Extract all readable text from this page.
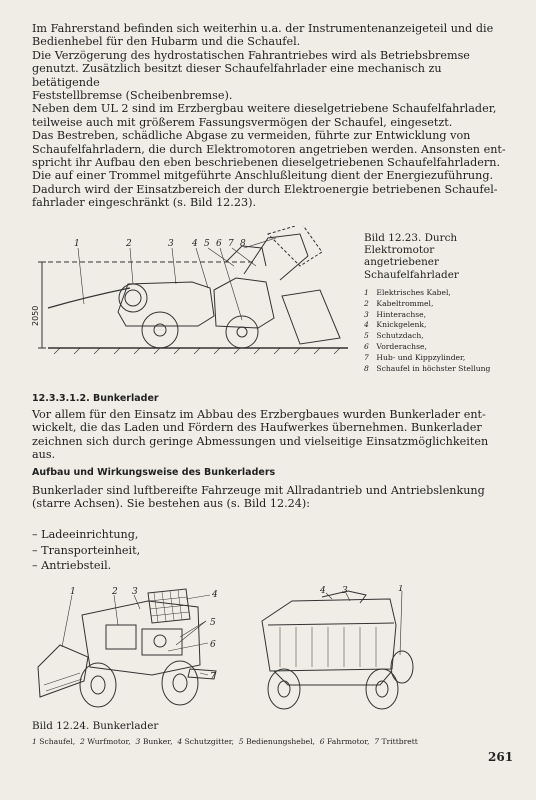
Im Fahrerstand befinden sich weiterhin u.a. der Instrumentenanzeigeteil und die

Bedienhebel für den Hubarm und die Schaufel.

Die Verzögerung des hydrostatischen Fahrantriebes wird als Betriebsbremse

genutzt. Zusätzlich besitzt dieser Schaufelfahrlader eine mechanisch zu betätigende

Feststellbremse (Scheibenbremse).

Neben dem UL 2 sind im Erzbergbau weitere dieselgetriebene Schaufelfahrlader,

teilweise auch mit größerem Fassungsvermögen der Schaufel, eingesetzt.

Das Bestreben, schädliche Abgase zu vermeiden, führte zur Entwicklung von

Schaufelfahrladern, die durch Elektromotoren angetrieben werden. Ansonsten ent-

spricht ihr Aufbau den eben beschriebenen dieselgetriebenen Schaufelfahrladern.

Die auf einer Trommel mitgeführte Anschlußleitung dient der Energiezuführung.

Dadurch wird der Einsatzbereich der durch Elektroenergie betriebenen Schaufel-

fahrlader eingeschränkt (s. Bild 12.23).

1	2	3 4 5 6 7 8
2050
Bild 12.23. Durch
Elektromotor
angetriebener
Schaufelfahrlader
1 Elektrisches Kabel,
2 Kabeltrommel,
3 Hinterachse,
4 Knickgelenk,
5 Schutzdach,
6 Vorderachse,
7 Hub- und Kippzylinder,
8 Schaufel in höchster Stellung
12.3.3.1.2. Bunkerlader

Vor allem für den Einsatz im Abbau des Erzbergbaues wurden Bunkerlader ent-

wickelt, die das Laden und Fördern des Haufwerkes übernehmen. Bunkerlader

zeichnen sich durch geringe Abmessungen und vielseitige Einsatzmöglichkeiten aus.

Aufbau und Wirkungsweise des Bunkerladers

Bunkerlader sind luftbereifte Fahrzeuge mit Allradantrieb und Antriebslenkung

(starre Achsen). Sie bestehen aus (s. Bild 12.24):

– Ladeeinrichtung,
– Transporteinheit,
– Antriebsteil.
1	2 3	4
5
6
7
4 3	1
Bild 12.24. Bunkerlader
1 Schaufel, 2 Wurfmotor, 3 Bunker, 4 Schutzgitter, 5 Bedienungshebel, 6 Fahrmotor, 7 Trittbrett
261
